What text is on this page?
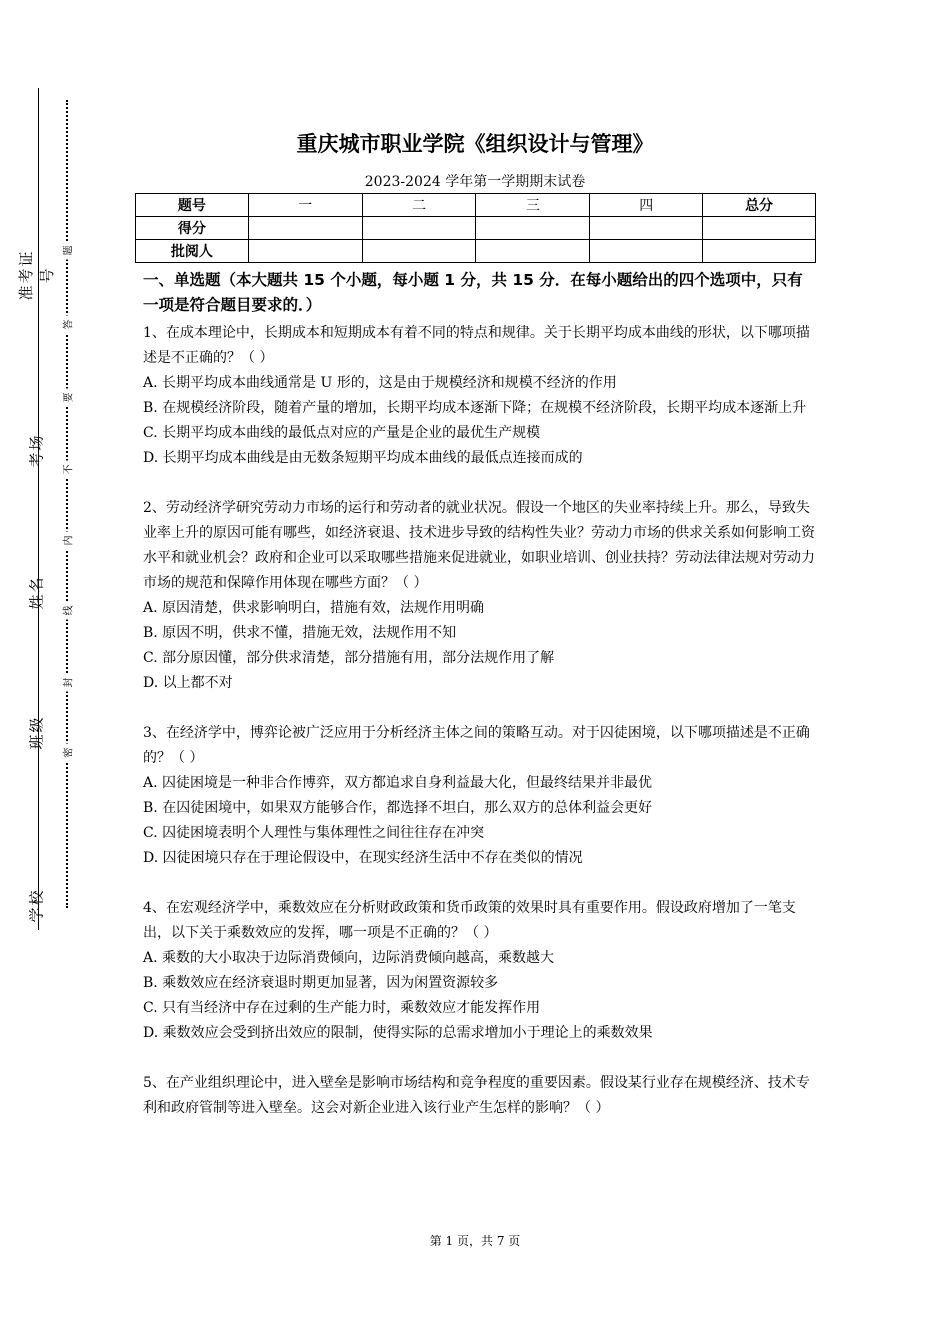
准考证号
考场
姓名
班级
学校
题
答
要
不
内
线
封
密
重庆城市职业学院《组织设计与管理》
2023-2024 学年第一学期期末试卷
题号	一	二	三	四	总分
得分					
批阅人					

一、单选题（本大题共 15 个小题，每小题 1 分，共 15 分．在每小题给出的四个选项中，只有一项是符合题目要求的．）

1、在成本理论中，长期成本和短期成本有着不同的特点和规律。关于长期平均成本曲线的形状，以下哪项描述是不正确的？（ ）

A. 长期平均成本曲线通常是 U 形的，这是由于规模经济和规模不经济的作用

B. 在规模经济阶段，随着产量的增加，长期平均成本逐渐下降；在规模不经济阶段，长期平均成本逐渐上升

C. 长期平均成本曲线的最低点对应的产量是企业的最优生产规模

D. 长期平均成本曲线是由无数条短期平均成本曲线的最低点连接而成的

2、劳动经济学研究劳动力市场的运行和劳动者的就业状况。假设一个地区的失业率持续上升。那么，导致失业率上升的原因可能有哪些，如经济衰退、技术进步导致的结构性失业？劳动力市场的供求关系如何影响工资水平和就业机会？政府和企业可以采取哪些措施来促进就业，如职业培训、创业扶持？劳动法律法规对劳动力市场的规范和保障作用体现在哪些方面？（ ）

A. 原因清楚，供求影响明白，措施有效，法规作用明确

B. 原因不明，供求不懂，措施无效，法规作用不知

C. 部分原因懂，部分供求清楚，部分措施有用，部分法规作用了解

D. 以上都不对

3、在经济学中，博弈论被广泛应用于分析经济主体之间的策略互动。对于囚徒困境，以下哪项描述是不正确的？（ ）

A. 囚徒困境是一种非合作博弈，双方都追求自身利益最大化，但最终结果并非最优

B. 在囚徒困境中，如果双方能够合作，都选择不坦白，那么双方的总体利益会更好

C. 囚徒困境表明个人理性与集体理性之间往往存在冲突

D. 囚徒困境只存在于理论假设中，在现实经济生活中不存在类似的情况

4、在宏观经济学中，乘数效应在分析财政政策和货币政策的效果时具有重要作用。假设政府增加了一笔支出，以下关于乘数效应的发挥，哪一项是不正确的？（ ）

A. 乘数的大小取决于边际消费倾向，边际消费倾向越高，乘数越大

B. 乘数效应在经济衰退时期更加显著，因为闲置资源较多

C. 只有当经济中存在过剩的生产能力时，乘数效应才能发挥作用

D. 乘数效应会受到挤出效应的限制，使得实际的总需求增加小于理论上的乘数效果

5、在产业组织理论中，进入壁垒是影响市场结构和竞争程度的重要因素。假设某行业存在规模经济、技术专利和政府管制等进入壁垒。这会对新企业进入该行业产生怎样的影响？（ ）

第 1 页，共 7 页
